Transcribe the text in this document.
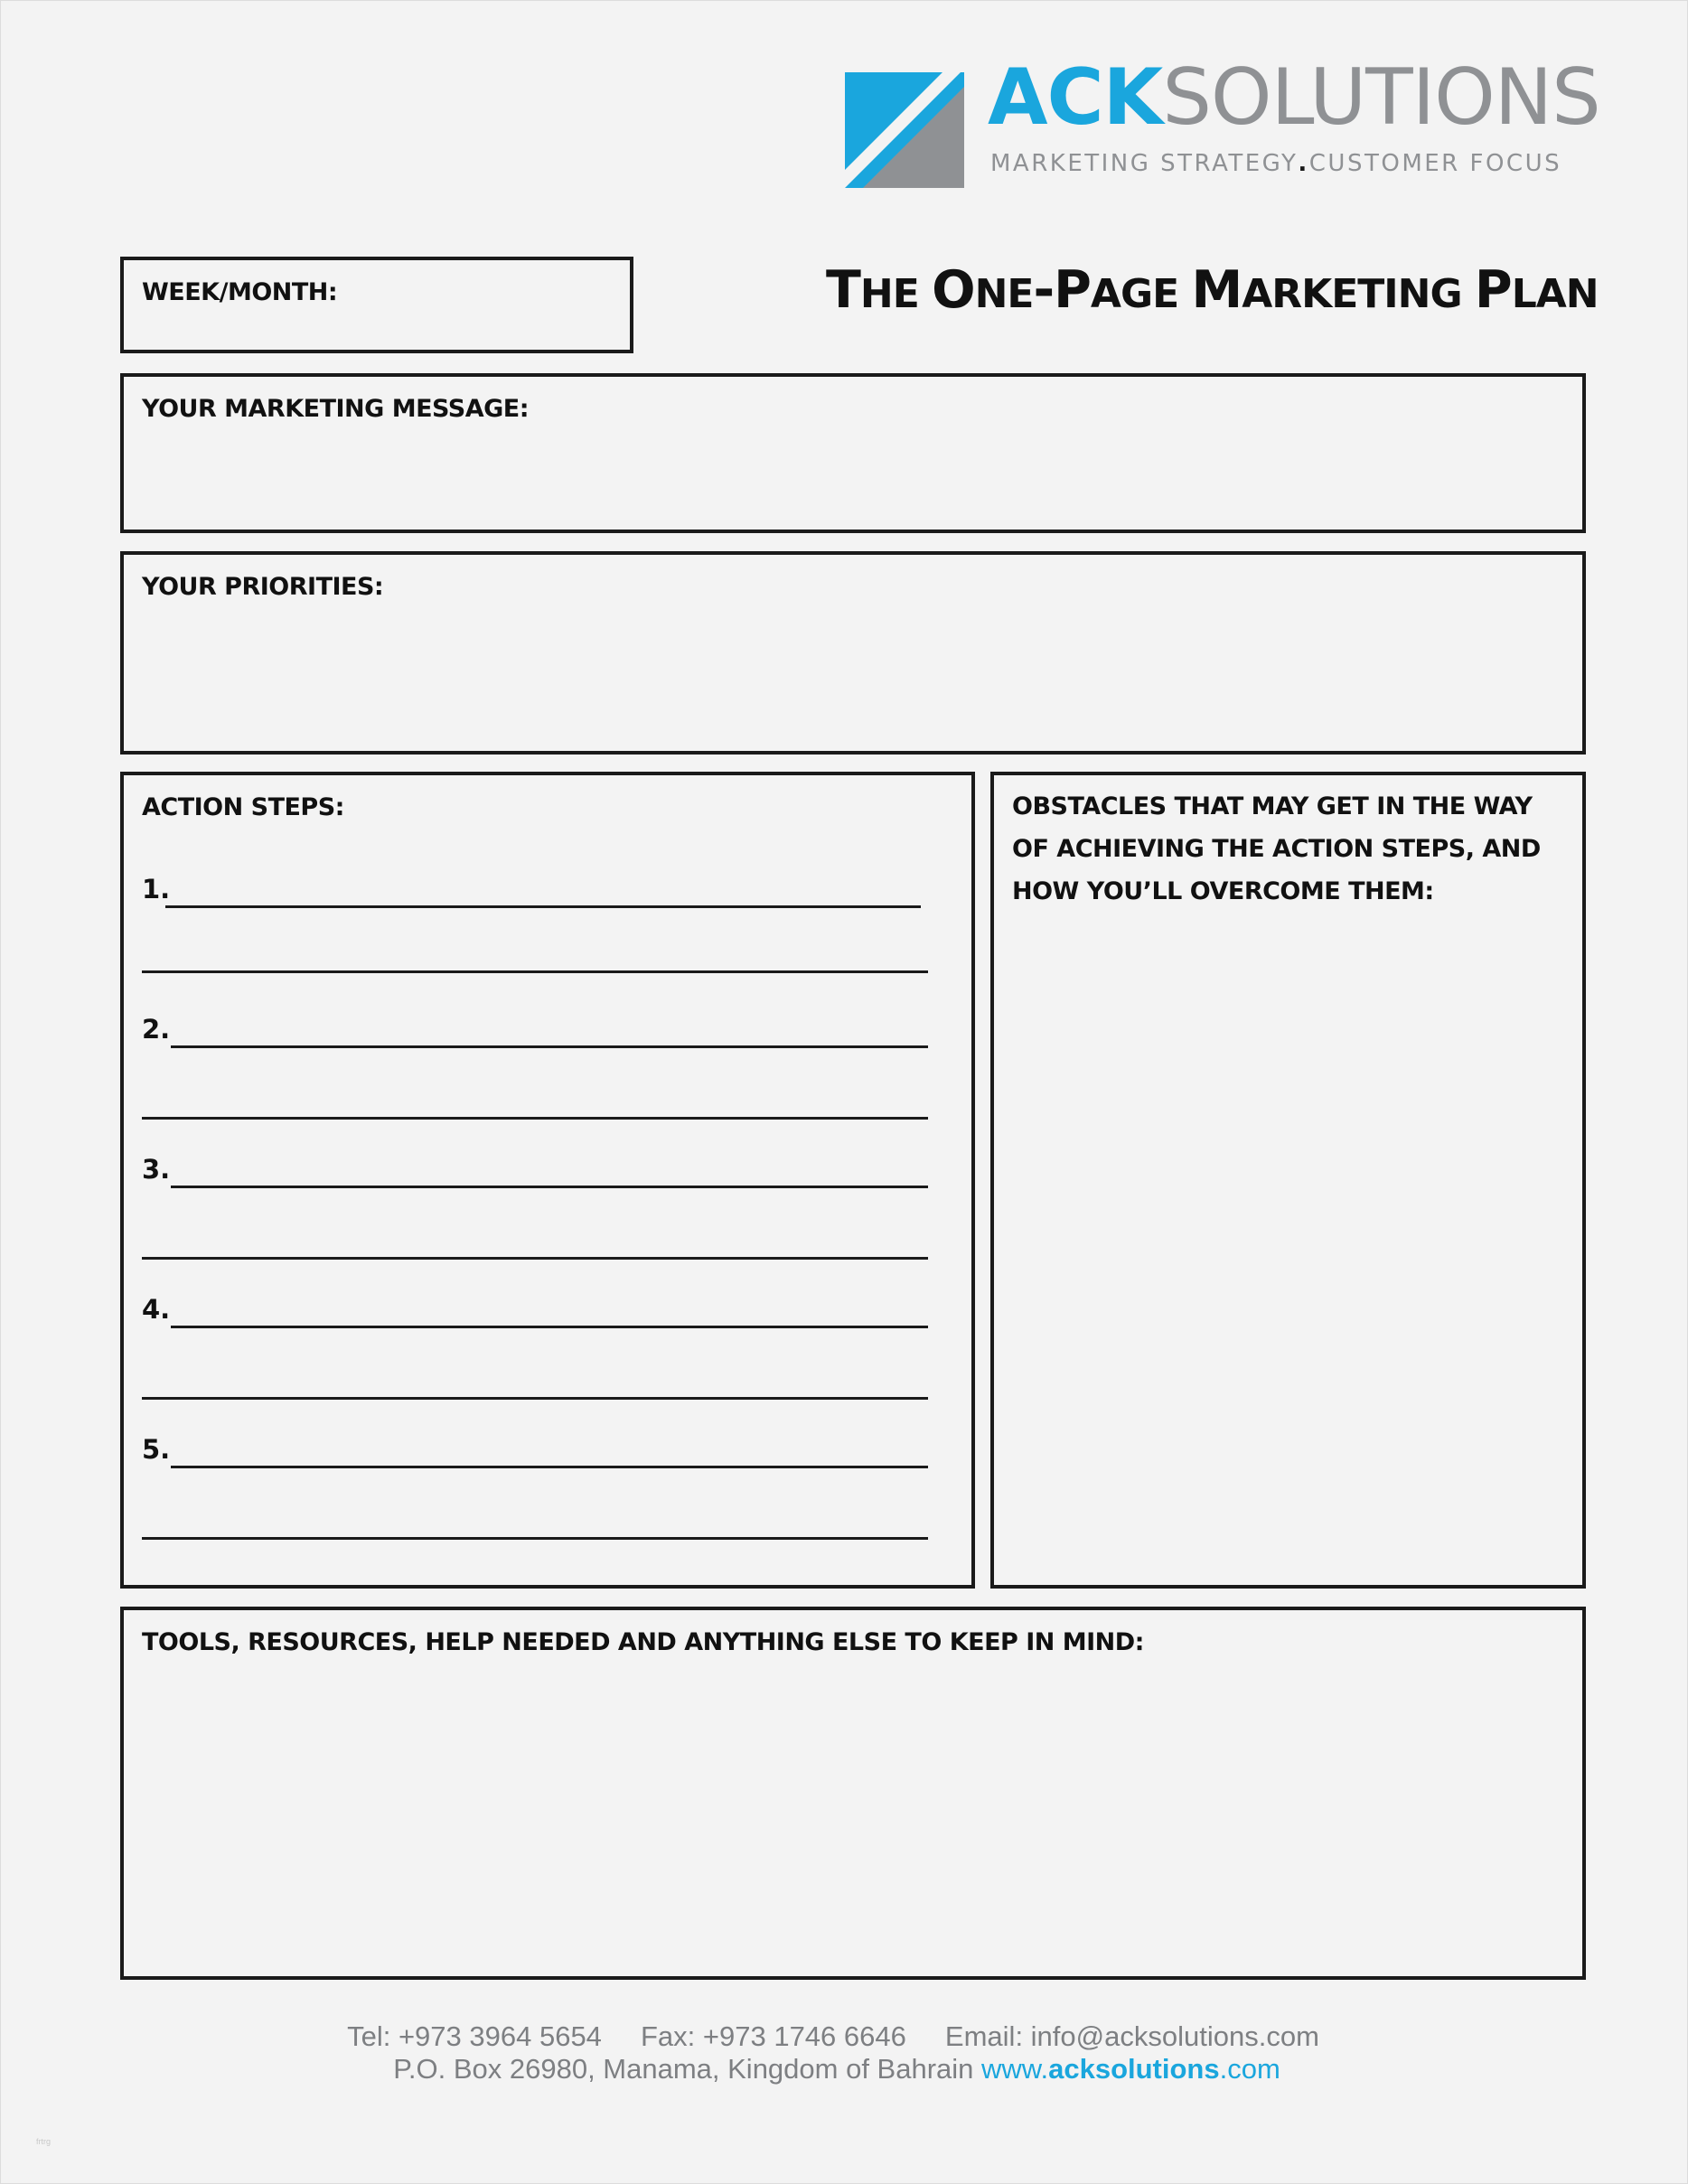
ACKSOLUTIONS
MARKETING STRATEGY.CUSTOMER FOCUS
THE ONE-PAGE MARKETING PLAN
WEEK/MONTH:
YOUR MARKETING MESSAGE:
YOUR PRIORITIES:
ACTION STEPS:
1.
2.
3.
4.
5.
OBSTACLES THAT MAY GET IN THE WAY OF ACHIEVING THE ACTION STEPS, AND HOW YOU’LL OVERCOME THEM:
TOOLS, RESOURCES, HELP NEEDED AND ANYTHING ELSE TO KEEP IN MIND:
Tel: +973 3964 5654     Fax: +973 1746 6646     Email: info@acksolutions.com
P.O. Box 26980, Manama, Kingdom of Bahrain www.acksolutions.com
frtrg
